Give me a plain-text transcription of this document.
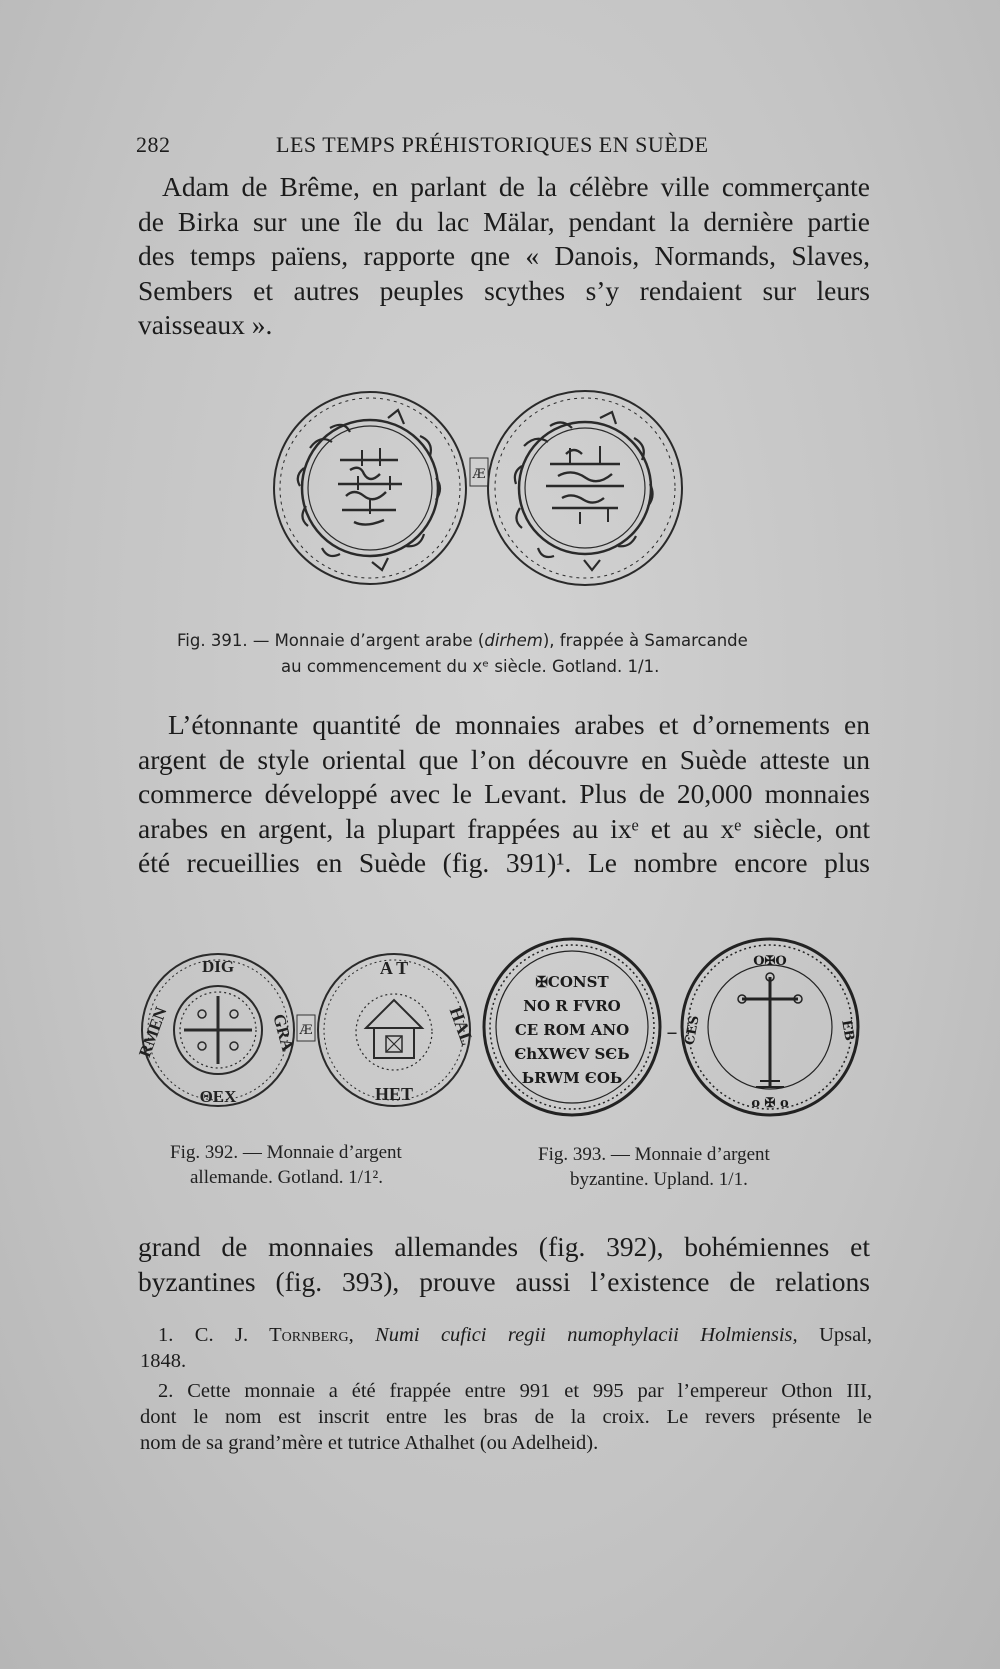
282	LES TEMPS PRÉHISTORIQUES EN SUÈDE
Adam de Brême, en parlant de la célèbre ville commerçante
de Birka sur une île du lac Mälar, pendant la dernière partie
des temps païens, rapporte qne « Danois, Normands, Slaves,
Sembers et autres peuples scythes s’y rendaient sur leurs
vaisseaux ».
Æ
Fig. 391. — Monnaie d’argent arabe (dirhem), frappée à Samarcande
au commencement du xᵉ siècle. Gotland. 1/1.
L’étonnante quantité de monnaies arabes et d’ornements en
argent de style oriental que l’on découvre en Suède atteste un
commerce développé avec le Levant. Plus de 20,000 monnaies
arabes en argent, la plupart frappées au ixᵉ et au xᵉ siècle, ont
été recueillies en Suède (fig. 391)¹. Le nombre encore plus
DIG
RMEN	GRA
ΘEX
Æ
A T
HAL
HET
✠CONST
NO R FVRO
CE ROM ANO
ЄhXWЄV SЄЬ
ЬRWM ЄOЬ
–
O✠O
CES	EB
o ✠ o
Fig. 392. — Monnaie d’argent
allemande. Gotland. 1/1².
Fig. 393. — Monnaie d’argent
byzantine. Upland. 1/1.
grand de monnaies allemandes (fig. 392), bohémiennes et
byzantines (fig. 393), prouve aussi l’existence de relations
1. C. J. Tornberg, Numi cufici regii numophylacii Holmiensis, Upsal,
1848.
2. Cette monnaie a été frappée entre 991 et 995 par l’empereur Othon III,
dont le nom est inscrit entre les bras de la croix. Le revers présente le
nom de sa grand’mère et tutrice Athalhet (ou Adelheid).
